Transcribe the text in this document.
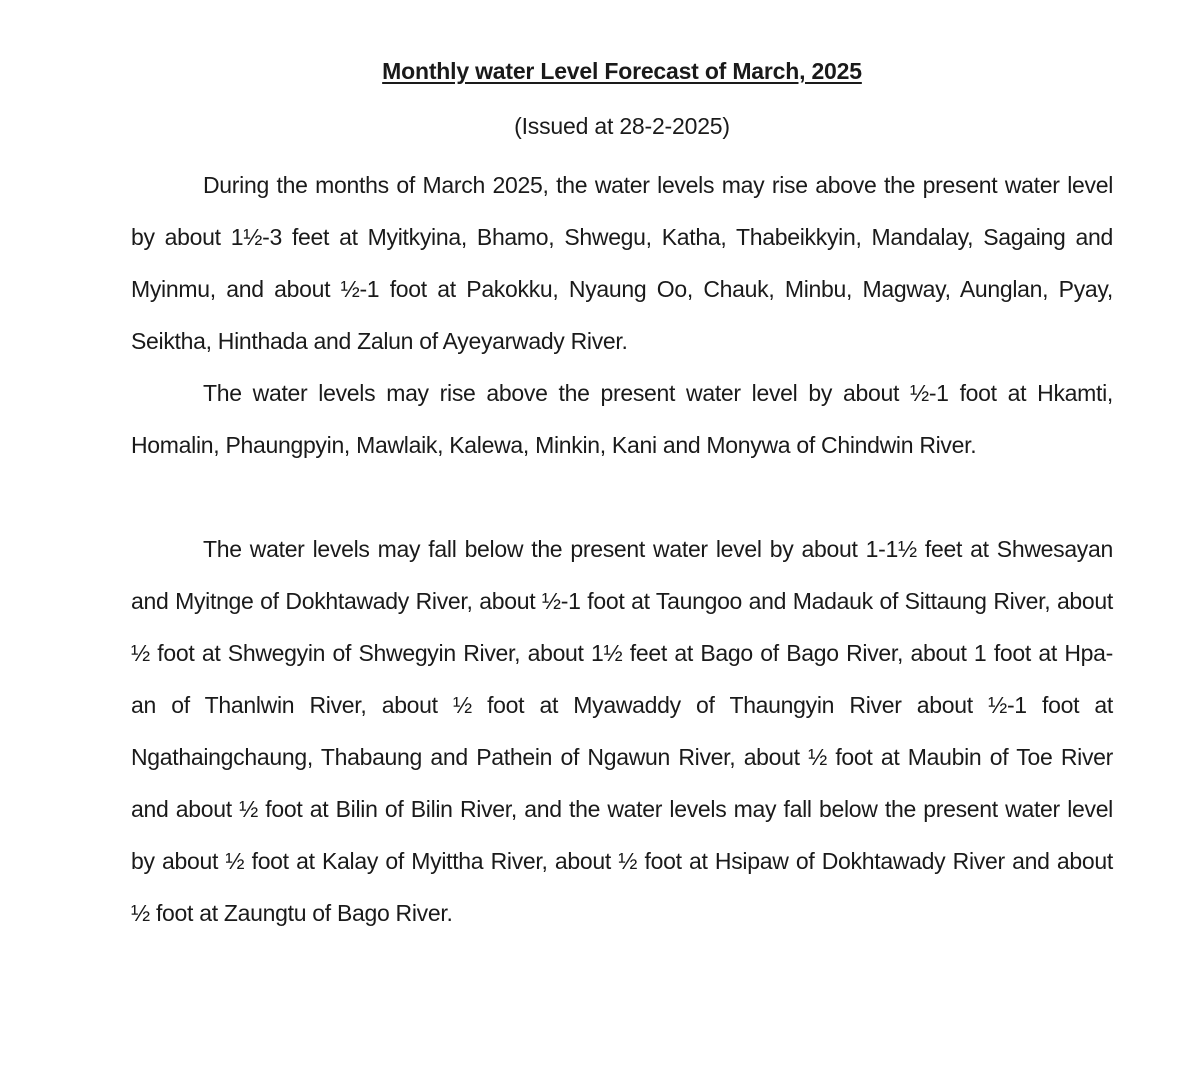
Monthly water Level Forecast of March, 2025
(Issued at 28-2-2025)

During the months of March 2025, the water levels may rise above the present water level by about 1½-3 feet at Myitkyina, Bhamo, Shwegu, Katha, Thabeikkyin, Mandalay, Sagaing and Myinmu, and about ½-1 foot at Pakokku, Nyaung Oo, Chauk, Minbu, Magway, Aunglan, Pyay, Seiktha, Hinthada and Zalun of Ayeyarwady River.

The water levels may rise above the present water level by about ½-1 foot at Hkamti, Homalin, Phaungpyin, Mawlaik, Kalewa, Minkin, Kani and Monywa of Chindwin River.

The water levels may fall below the present water level by about 1-1½ feet at Shwesayan and Myitnge of Dokhtawady River, about ½-1 foot at Taungoo and Madauk of Sittaung River, about ½ foot at Shwegyin of Shwegyin River, about 1½ feet at Bago of Bago River, about 1 foot at Hpa-an of Thanlwin River, about ½ foot at Myawaddy of Thaungyin River about ½-1 foot at Ngathaingchaung, Thabaung and Pathein of Ngawun River, about ½ foot at Maubin of Toe River and about ½ foot at Bilin of Bilin River, and the water levels may fall below the present water level by about ½ foot at Kalay of Myittha River, about ½ foot at Hsipaw of Dokhtawady River and about ½ foot at Zaungtu of Bago River.
